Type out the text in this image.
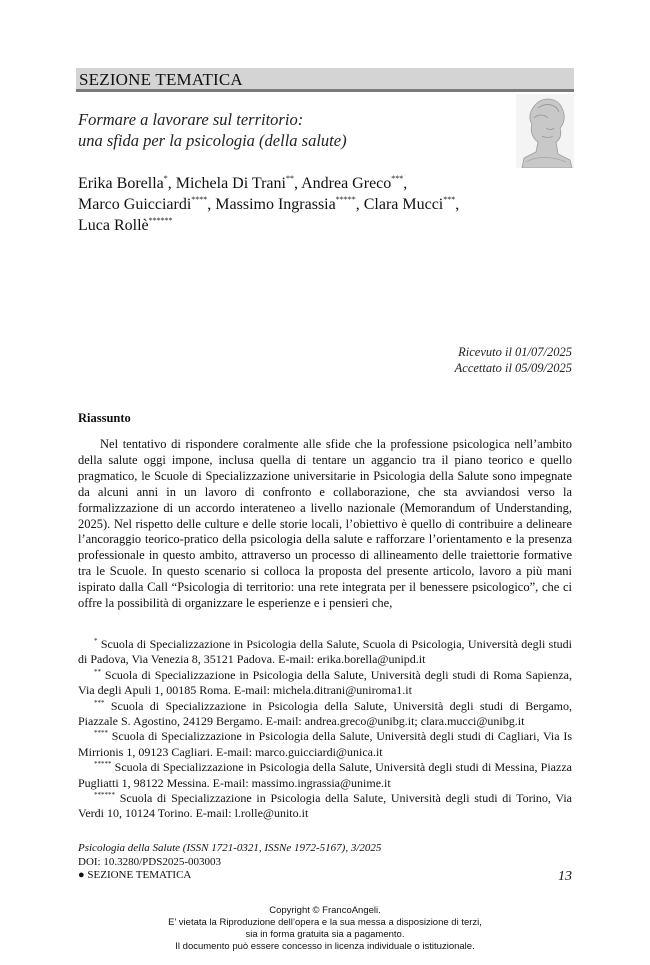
SEZIONE TEMATICA
Formare a lavorare sul territorio:
una sfida per la psicologia (della salute)
Erika Borella*, Michela Di Trani**, Andrea Greco***,
Marco Guicciardi****, Massimo Ingrassia*****, Clara Mucci***,
Luca Rollè******
Ricevuto il 01/07/2025
Accettato il 05/09/2025
Riassunto

Nel tentativo di rispondere coralmente alle sfide che la professione psicologica nell’ambito della salute oggi impone, inclusa quella di tentare un aggancio tra il piano teorico e quello pragmatico, le Scuole di Specializzazione universitarie in Psicologia della Salute sono impegnate da alcuni anni in un lavoro di confronto e collaborazione, che sta avviandosi verso la formalizzazione di un accordo interateneo a livello nazionale (Memorandum of Understanding, 2025). Nel rispetto delle culture e delle storie locali, l’obiettivo è quello di contribuire a delineare l’ancoraggio teorico-pratico della psicologia della salute e rafforzare l’orientamento e la presenza professionale in questo ambito, attraverso un processo di allineamento delle traiettorie formative tra le Scuole. In questo scenario si colloca la proposta del presente articolo, lavoro a più mani ispirato dalla Call “Psicologia di territorio: una rete integrata per il benessere psicologico”, che ci offre la possibilità di organizzare le esperienze e i pensieri che,

* Scuola di Specializzazione in Psicologia della Salute, Scuola di Psicologia, Università degli studi di Padova, Via Venezia 8, 35121 Padova. E-mail: erika.borella@unipd.it

** Scuola di Specializzazione in Psicologia della Salute, Università degli studi di Roma Sapienza, Via degli Apuli 1, 00185 Roma. E-mail: michela.ditrani@uniroma1.it

*** Scuola di Specializzazione in Psicologia della Salute, Università degli studi di Bergamo, Piazzale S. Agostino, 24129 Bergamo. E-mail: andrea.greco@unibg.it; clara.mucci@unibg.it

**** Scuola di Specializzazione in Psicologia della Salute, Università degli studi di Cagliari, Via Is Mirrionis 1, 09123 Cagliari. E-mail: marco.guicciardi@unica.it

***** Scuola di Specializzazione in Psicologia della Salute, Università degli studi di Messina, Piazza Pugliatti 1, 98122 Messina. E-mail: massimo.ingrassia@unime.it

****** Scuola di Specializzazione in Psicologia della Salute, Università degli studi di Torino, Via Verdi 10, 10124 Torino. E-mail: l.rolle@unito.it

Psicologia della Salute (ISSN 1721-0321, ISSNe 1972-5167), 3/2025
DOI: 10.3280/PDS2025-003003
● SEZIONE TEMATICA	13
Copyright © FrancoAngeli.
E’ vietata la Riproduzione dell’opera e la sua messa a disposizione di terzi,
sia in forma gratuita sia a pagamento.
Il documento può essere concesso in licenza individuale o istituzionale.
